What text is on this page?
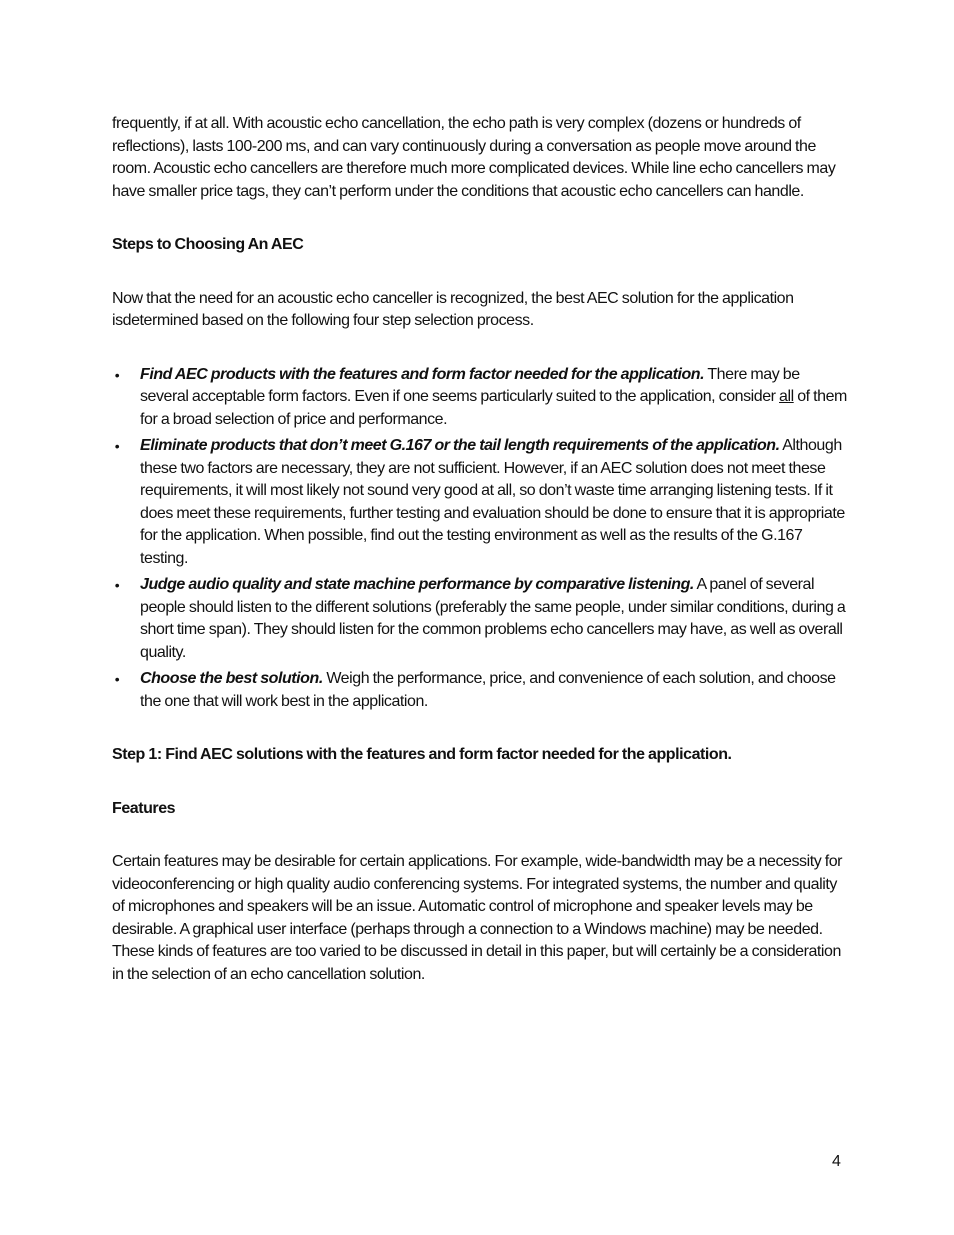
frequently, if at all. With acoustic echo cancellation, the echo path is very complex (dozens or hundreds of reflections), lasts 100-200 ms, and can vary continuously during a conversation as people move around the room. Acoustic echo cancellers are therefore much more complicated devices. While line echo cancellers may have smaller price tags, they can’t perform under the conditions that acoustic echo cancellers can handle.

Steps to Choosing An AEC

Now that the need for an acoustic echo canceller is recognized, the best AEC solution for the application isdetermined based on the following four step selection process.

• Find AEC products with the features and form factor needed for the application. There may be several acceptable form factors. Even if one seems particularly suited to the application, consider all of them for a broad selection of price and performance.
• Eliminate products that don’t meet G.167 or the tail length requirements of the application. Although these two factors are necessary, they are not sufficient. However, if an AEC solution does not meet these requirements, it will most likely not sound very good at all, so don’t waste time arranging listening tests. If it does meet these requirements, further testing and evaluation should be done to ensure that it is appropriate for the application. When possible, find out the testing environment as well as the results of the G.167 testing.
• Judge audio quality and state machine performance by comparative listening. A panel of several people should listen to the different solutions (preferably the same people, under similar conditions, during a short time span). They should listen for the common problems echo cancellers may have, as well as overall quality.
• Choose the best solution. Weigh the performance, price, and convenience of each solution, and choose the one that will work best in the application.
Step 1: Find AEC solutions with the features and form factor needed for the application.
Features

Certain features may be desirable for certain applications. For example, wide-bandwidth may be a necessity for videoconferencing or high quality audio conferencing systems. For integrated systems, the number and quality of microphones and speakers will be an issue. Automatic control of microphone and speaker levels may be desirable. A graphical user interface (perhaps through a connection to a Windows machine) may be needed. These kinds of features are too varied to be discussed in detail in this paper, but will certainly be a consideration in the selection of an echo cancellation solution.

4
